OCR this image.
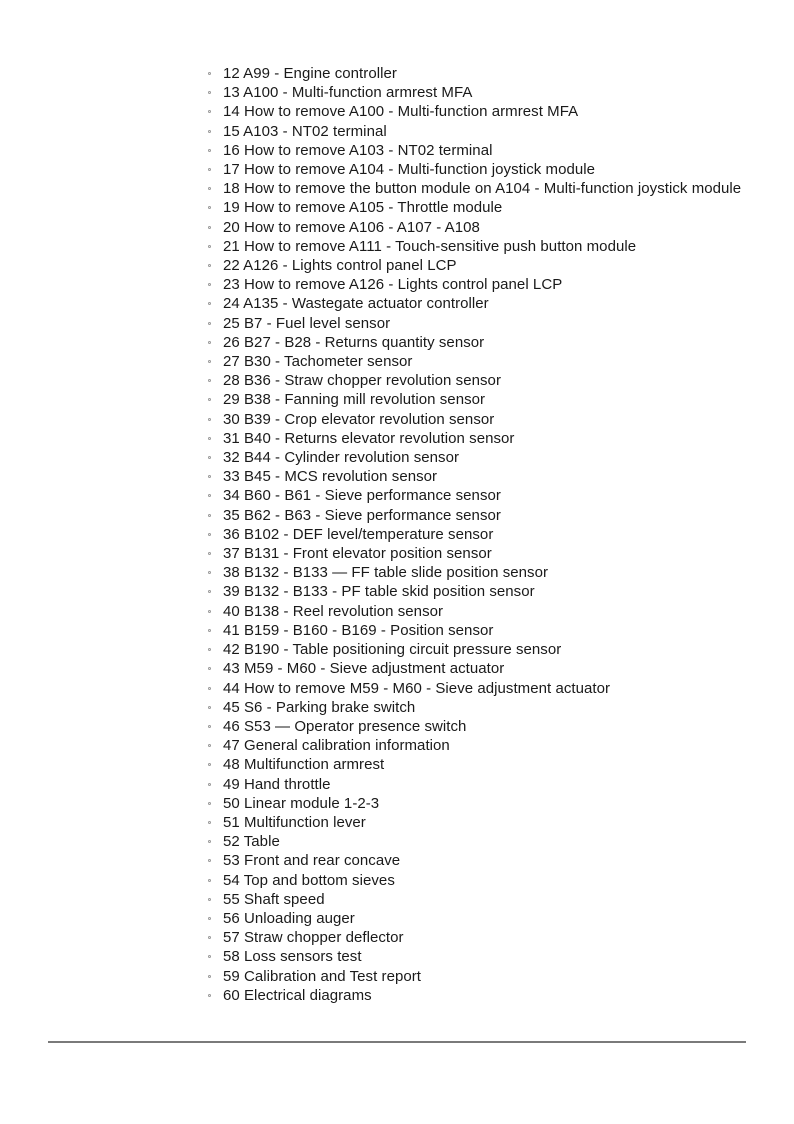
12 A99 - Engine controller
13 A100 - Multi-function armrest MFA
14 How to remove A100 - Multi-function armrest MFA
15 A103 - NT02 terminal
16 How to remove A103 - NT02 terminal
17 How to remove A104 - Multi-function joystick module
18 How to remove the button module on A104 - Multi-function joystick module
19 How to remove A105 - Throttle module
20 How to remove A106 - A107 - A108
21 How to remove A111 - Touch-sensitive push button module
22 A126 - Lights control panel LCP
23 How to remove A126 - Lights control panel LCP
24 A135 - Wastegate actuator controller
25 B7 - Fuel level sensor
26 B27 - B28 - Returns quantity sensor
27 B30 - Tachometer sensor
28 B36 - Straw chopper revolution sensor
29 B38 - Fanning mill revolution sensor
30 B39 - Crop elevator revolution sensor
31 B40 - Returns elevator revolution sensor
32 B44 - Cylinder revolution sensor
33 B45 - MCS revolution sensor
34 B60 - B61 - Sieve performance sensor
35 B62 - B63 - Sieve performance sensor
36 B102 - DEF level/temperature sensor
37 B131 - Front elevator position sensor
38 B132 - B133 — FF table slide position sensor
39 B132 - B133 - PF table skid position sensor
40 B138 - Reel revolution sensor
41 B159 - B160 - B169 - Position sensor
42 B190 - Table positioning circuit pressure sensor
43 M59 - M60 - Sieve adjustment actuator
44 How to remove M59 - M60 - Sieve adjustment actuator
45 S6 - Parking brake switch
46 S53 — Operator presence switch
47 General calibration information
48 Multifunction armrest
49 Hand throttle
50 Linear module 1-2-3
51 Multifunction lever
52 Table
53 Front and rear concave
54 Top and bottom sieves
55 Shaft speed
56 Unloading auger
57 Straw chopper deflector
58 Loss sensors test
59 Calibration and Test report
60 Electrical diagrams
